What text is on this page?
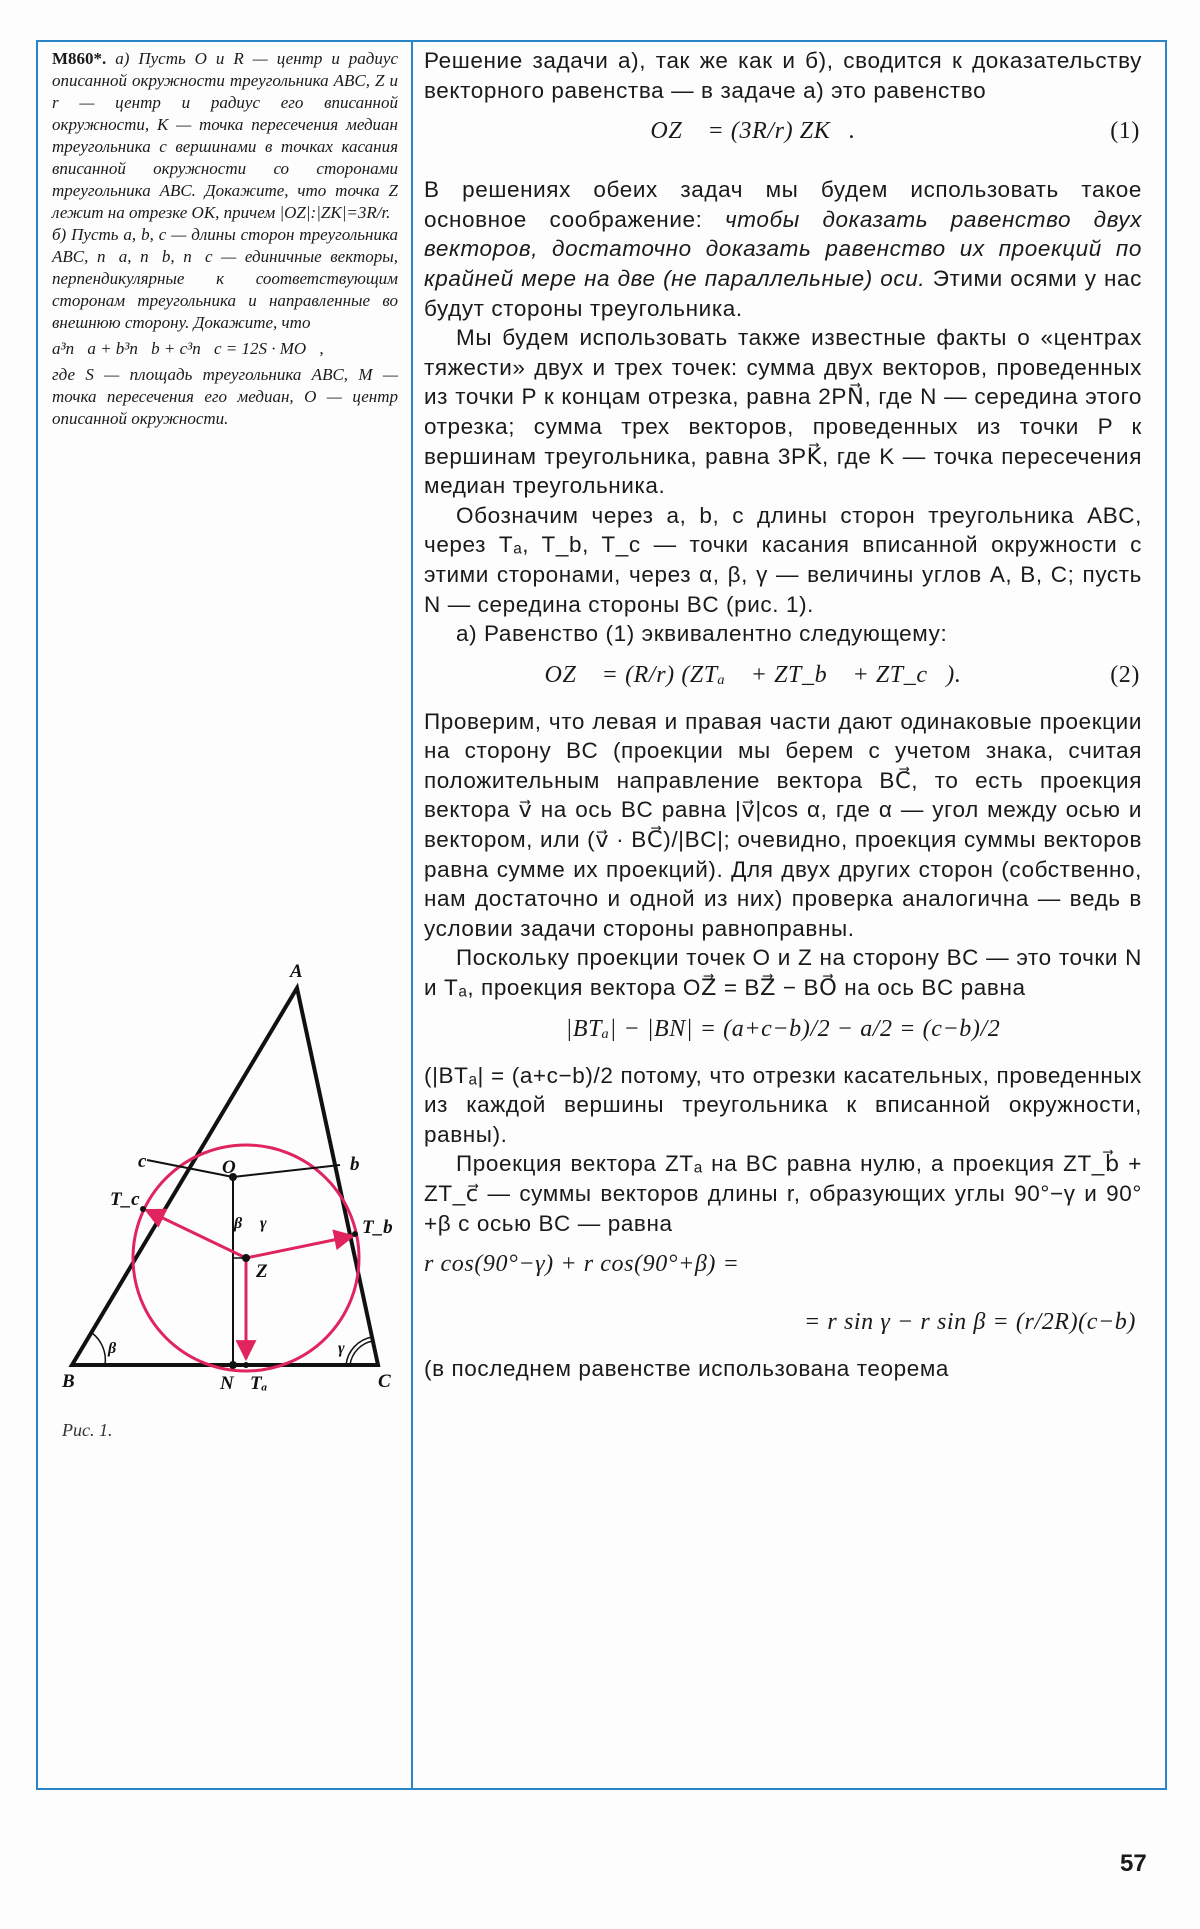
М860*. а) Пусть O и R — центр и радиус описанной окружности треугольника ABC, Z и r — центр и радиус его вписанной окружности, K — точка пересечения медиан треугольника с вершинами в точках касания вписанной окружности со сторонами треугольника ABC. Докажите, что точка Z лежит на отрезке OK, причем |OZ|:|ZK|=3R/r.

б) Пусть a, b, c — длины сторон треугольника ABC, n⃗a, n⃗b, n⃗c — единичные векторы, перпендикулярные к соответствующим сторонам треугольника и направленные во внешнюю сторону. Докажите, что

a³n⃗a + b³n⃗b + c³n⃗c = 12S · MO⃗,

где S — площадь треугольника ABC, M — точка пересечения его медиан, O — центр описанной окружности.

A
B	C
N Tₐ
T_b
T_c
O
Z
b
c
β γ
β	γ
Рис. 1.

Решение задачи а), так же как и б), сводится к доказательству векторного равенства — в задаче а) это равенство

OZ⃗ = (3R/r) ZK⃗.	(1)

В решениях обеих задач мы будем использовать такое основное соображение: чтобы доказать равенство двух векторов, достаточно доказать равенство их проекций по крайней мере на две (не параллельные) оси. Этими осями у нас будут стороны треугольника.

Мы будем использовать также известные факты о «центрах тяжести» двух и трех точек: сумма двух векторов, проведенных из точки P к концам отрезка, равна 2PN⃗, где N — середина этого отрезка; сумма трех векторов, проведенных из точки P к вершинам треугольника, равна 3PK⃗, где K — точка пересечения медиан треугольника.

Обозначим через a, b, c длины сторон треугольника ABC, через Tₐ, T_b, T_c — точки касания вписанной окружности с этими сторонами, через α, β, γ — величины углов A, B, C; пусть N — середина стороны BC (рис. 1).

а) Равенство (1) эквивалентно следующему:

OZ⃗ = (R/r) (ZTₐ⃗ + ZT_b⃗ + ZT_c⃗).	(2)

Проверим, что левая и правая части дают одинаковые проекции на сторону BC (проекции мы берем с учетом знака, считая положительным направление вектора BC⃗, то есть проекция вектора v⃗ на ось BC равна |v⃗|cos α, где α — угол между осью и вектором, или (v⃗ · BC⃗)/|BC|; очевидно, проекция суммы векторов равна сумме их проекций). Для двух других сторон (собственно, нам достаточно и одной из них) проверка аналогична — ведь в условии задачи стороны равноправны.

Поскольку проекции точек O и Z на сторону BC — это точки N и Tₐ, проекция вектора OZ⃗ = BZ⃗ − BO⃗ на ось BC равна

|BTₐ| − |BN| = (a+c−b)/2 − a/2 = (c−b)/2

(|BTₐ| = (a+c−b)/2 потому, что отрезки касательных, проведенных из каждой вершины треугольника к вписанной окружности, равны).

Проекция вектора ZTₐ на BC равна нулю, а проекция ZT_b⃗ + ZT_c⃗ — суммы векторов длины r, образующих углы 90°−γ и 90°+β с осью BC — равна

r cos(90°−γ) + r cos(90°+β) =
= r sin γ − r sin β = (r/2R)(c−b)

(в последнем равенстве использована теорема

57
